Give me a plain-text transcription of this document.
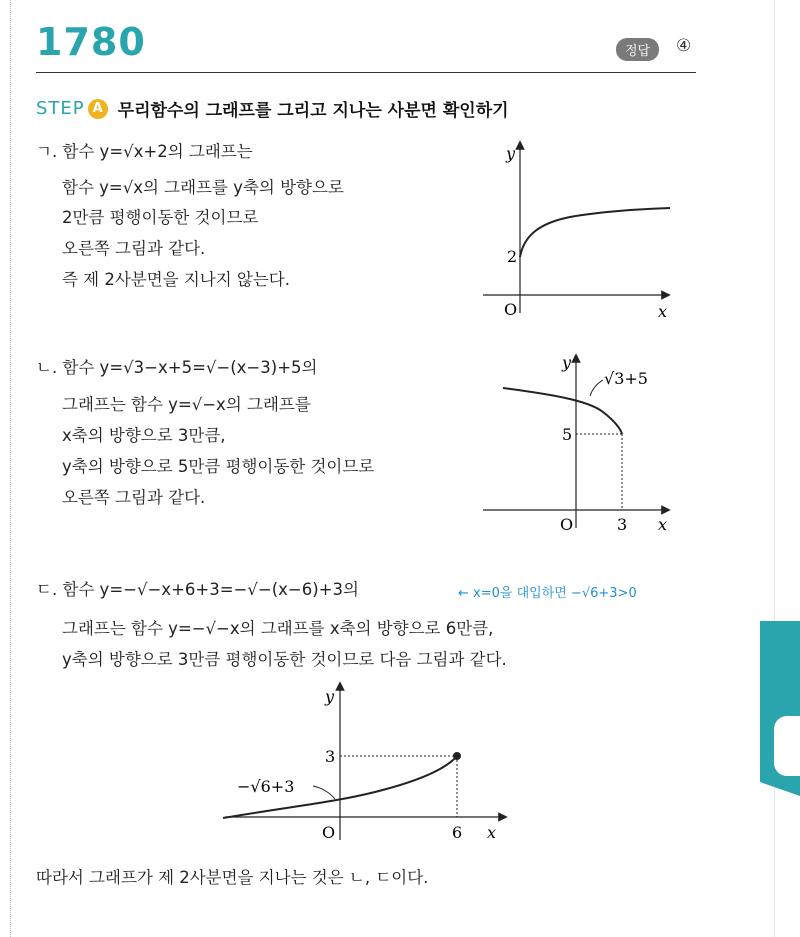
1780	정답	④
STEP A 무리함수의 그래프를 그리고 지나는 사분면 확인하기
ㄱ. 함수 y=√x+2의 그래프는
함수 y=√x의 그래프를 y축의 방향으로
2만큼 평행이동한 것이므로
오른쪽 그림과 같다.
즉 제 2사분면을 지나지 않는다.
y
x
O
2
ㄴ. 함수 y=√3−x+5=√−(x−3)+5의
그래프는 함수 y=√−x의 그래프를
x축의 방향으로 3만큼,
y축의 방향으로 5만큼 평행이동한 것이므로
오른쪽 그림과 같다.
y
√3+5
5
x
O	3
ㄷ. 함수 y=−√−x+6+3=−√−(x−6)+3의	← x=0을 대입하면 −√6+3>0
그래프는 함수 y=−√−x의 그래프를 x축의 방향으로 6만큼,
y축의 방향으로 3만큼 평행이동한 것이므로 다음 그림과 같다.
y
3
−√6+3
O	6 x
따라서 그래프가 제 2사분면을 지나는 것은 ㄴ, ㄷ이다.
